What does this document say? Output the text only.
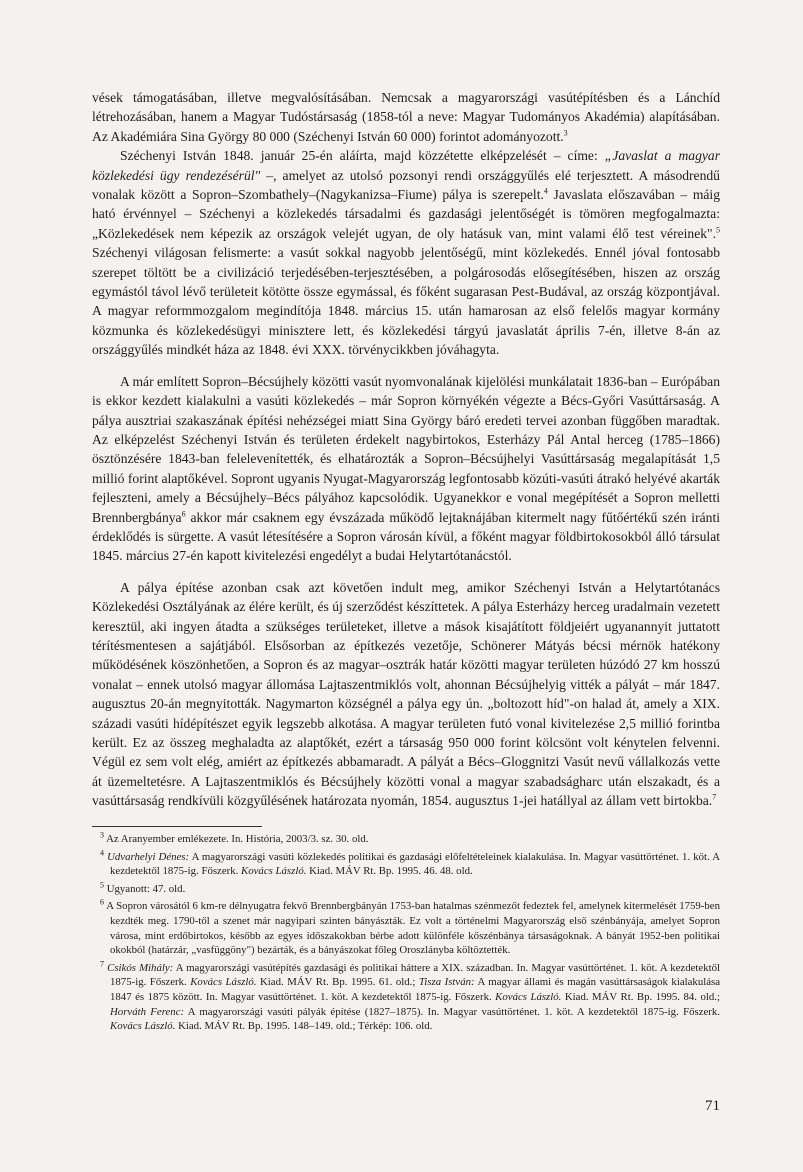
vések támogatásában, illetve megvalósításában. Nemcsak a magyarországi vasútépítésben és a Lánchíd létrehozásában, hanem a Magyar Tudóstársaság (1858-tól a neve: Magyar Tudományos Akadémia) alapításában. Az Akadémiára Sina György 80 000 (Széchenyi István 60 000) forintot adományozott.$^3$

Széchenyi István 1848. január 25-én aláírta, majd közzétette elképzelését – címe: „Javaslat a magyar közlekedési ügy rendezésérül" –, amelyet az utolsó pozsonyi rendi országgyűlés elé terjesztett. A másodrendű vonalak között a Sopron–Szombathely–(Nagykanizsa–Fiume) pálya is szerepelt.$^4$ Javaslata előszavában – máig ható érvénnyel – Széchenyi a közlekedés társadalmi és gazdasági jelentőségét is tömören megfogalmazta: „Közlekedések nem képezik az országok velejét ugyan, de oly hatásuk van, mint valami élő test véreinek".$^5$ Széchenyi világosan felismerte: a vasút sokkal nagyobb jelentőségű, mint közlekedés. Ennél jóval fontosabb szerepet töltött be a civilizáció terjedésében-terjesztésében, a polgárosodás elősegítésében, hiszen az ország egymástól távol lévő területeit kötötte össze egymással, és főként sugarasan Pest-Budával, az ország központjával. A magyar reformmozgalom megindítója 1848. március 15. után hamarosan az első felelős magyar kormány közmunka és közlekedésügyi minisztere lett, és közlekedési tárgyú javaslatát április 7-én, illetve 8-án az országgyűlés mindkét háza az 1848. évi XXX. törvénycikkben jóváhagyta.

A már említett Sopron–Bécsújhely közötti vasút nyomvonalának kijelölési munkálatait 1836-ban – Európában is ekkor kezdett kialakulni a vasúti közlekedés – már Sopron környékén végezte a Bécs-Győri Vasúttársaság. A pálya ausztriai szakaszának építési nehézségei miatt Sina György báró eredeti tervei azonban függőben maradtak. Az elképzelést Széchenyi István és területen érdekelt nagybirtokos, Esterházy Pál Antal herceg (1785–1866) ösztönzésére 1843-ban felelevenítették, és elhatározták a Sopron–Bécsújhelyi Vasúttársaság megalapítását 1,5 millió forint alaptőkével. Sopront ugyanis Nyugat-Magyarország legfontosabb közúti-vasúti átrakó helyévé akarták fejleszteni, amely a Bécsújhely–Bécs pályához kapcsolódik. Ugyanekkor e vonal megépítését a Sopron melletti Brennbergbánya$^6$ akkor már csaknem egy évszázada működő lejtaknájában kitermelt nagy fűtőértékű szén iránti érdeklődés is sürgette. A vasút létesítésére a Sopron városán kívül, a főként magyar földbirtokosokból álló társulat 1845. március 27-én kapott kivitelezési engedélyt a budai Helytartótanácstól.

A pálya építése azonban csak azt követően indult meg, amikor Széchenyi István a Helytartótanács Közlekedési Osztályának az élére került, és új szerződést készíttetek. A pálya Esterházy herceg uradalmain vezetett keresztül, aki ingyen átadta a szükséges területeket, illetve a mások kisajátított földjeiért ugyanannyit juttatott térítésmentesen a sajátjából. Elsősorban az építkezés vezetője, Schönerer Mátyás bécsi mérnök hatékony működésének köszönhetően, a Sopron és az magyar–osztrák határ közötti magyar területen húzódó 27 km hosszú vonalat – ennek utolsó magyar állomása Lajtaszentmiklós volt, ahonnan Bécsújhelyig vitték a pályát – már 1847. augusztus 20-án megnyitották. Nagymarton községnél a pálya egy ún. „boltozott híd"-on halad át, amely a XIX. századi vasúti hídépítészet egyik legszebb alkotása. A magyar területen futó vonal kivitelezése 2,5 millió forintba került. Ez az összeg meghaladta az alaptőkét, ezért a társaság 950 000 forint kölcsönt volt kénytelen felvenni. Végül ez sem volt elég, amiért az építkezés abbamaradt. A pályát a Bécs–Gloggnitzi Vasút nevű vállalkozás vette át üzemeltetésre. A Lajtaszentmiklós és Bécsújhely közötti vonal a magyar szabadságharc után elszakadt, és a vasúttársaság rendkívüli közgyűlésének határozata nyomán, 1854. augusztus 1-jei hatállyal az állam vett birtokba.$^7$

$^3$ Az Aranyember emlékezete. In. História, 2003/3. sz. 30. old.

$^4$ Udvarhelyi Dénes: A magyarországi vasúti közlekedés politikai és gazdasági előfeltételeinek kialakulása. In. Magyar vasúttörténet. 1. köt. A kezdetektől 1875-ig. Főszerk. Kovács László. Kiad. MÁV Rt. Bp. 1995. 46. 48. old.

$^5$ Ugyanott: 47. old.

$^6$ A Sopron városától 6 km-re délnyugatra fekvő Brennbergbányán 1753-ban hatalmas szénmezőt fedeztek fel, amelynek kitermelését 1759-ben kezdték meg. 1790-től a szenet már nagyipari szinten bányászták. Ez volt a történelmi Magyarország első szénbányája, amelyet Sopron városa, mint erdőbirtokos, később az egyes időszakokban bérbe adott különféle kőszénbánya társaságoknak. A bányát 1952-ben politikai okokból (határzár, „vasfüggöny") bezárták, és a bányászokat főleg Oroszlányba költöztették.

$^7$ Csikós Mihály: A magyarországi vasútépítés gazdasági és politikai háttere a XIX. században. In. Magyar vasúttörténet. 1. köt. A kezdetektől 1875-ig. Főszerk. Kovács László. Kiad. MÁV Rt. Bp. 1995. 61. old.; Tisza István: A magyar állami és magán vasúttársaságok kialakulása 1847 és 1875 között. In. Magyar vasúttörténet. 1. köt. A kezdetektől 1875-ig. Főszerk. Kovács László. Kiad. MÁV Rt. Bp. 1995. 84. old.; Horváth Ferenc: A magyarországi vasúti pályák építése (1827–1875). In. Magyar vasúttörténet. 1. köt. A kezdetektől 1875-ig. Főszerk. Kovács László. Kiad. MÁV Rt. Bp. 1995. 148–149. old.; Térkép: 106. old.

71
